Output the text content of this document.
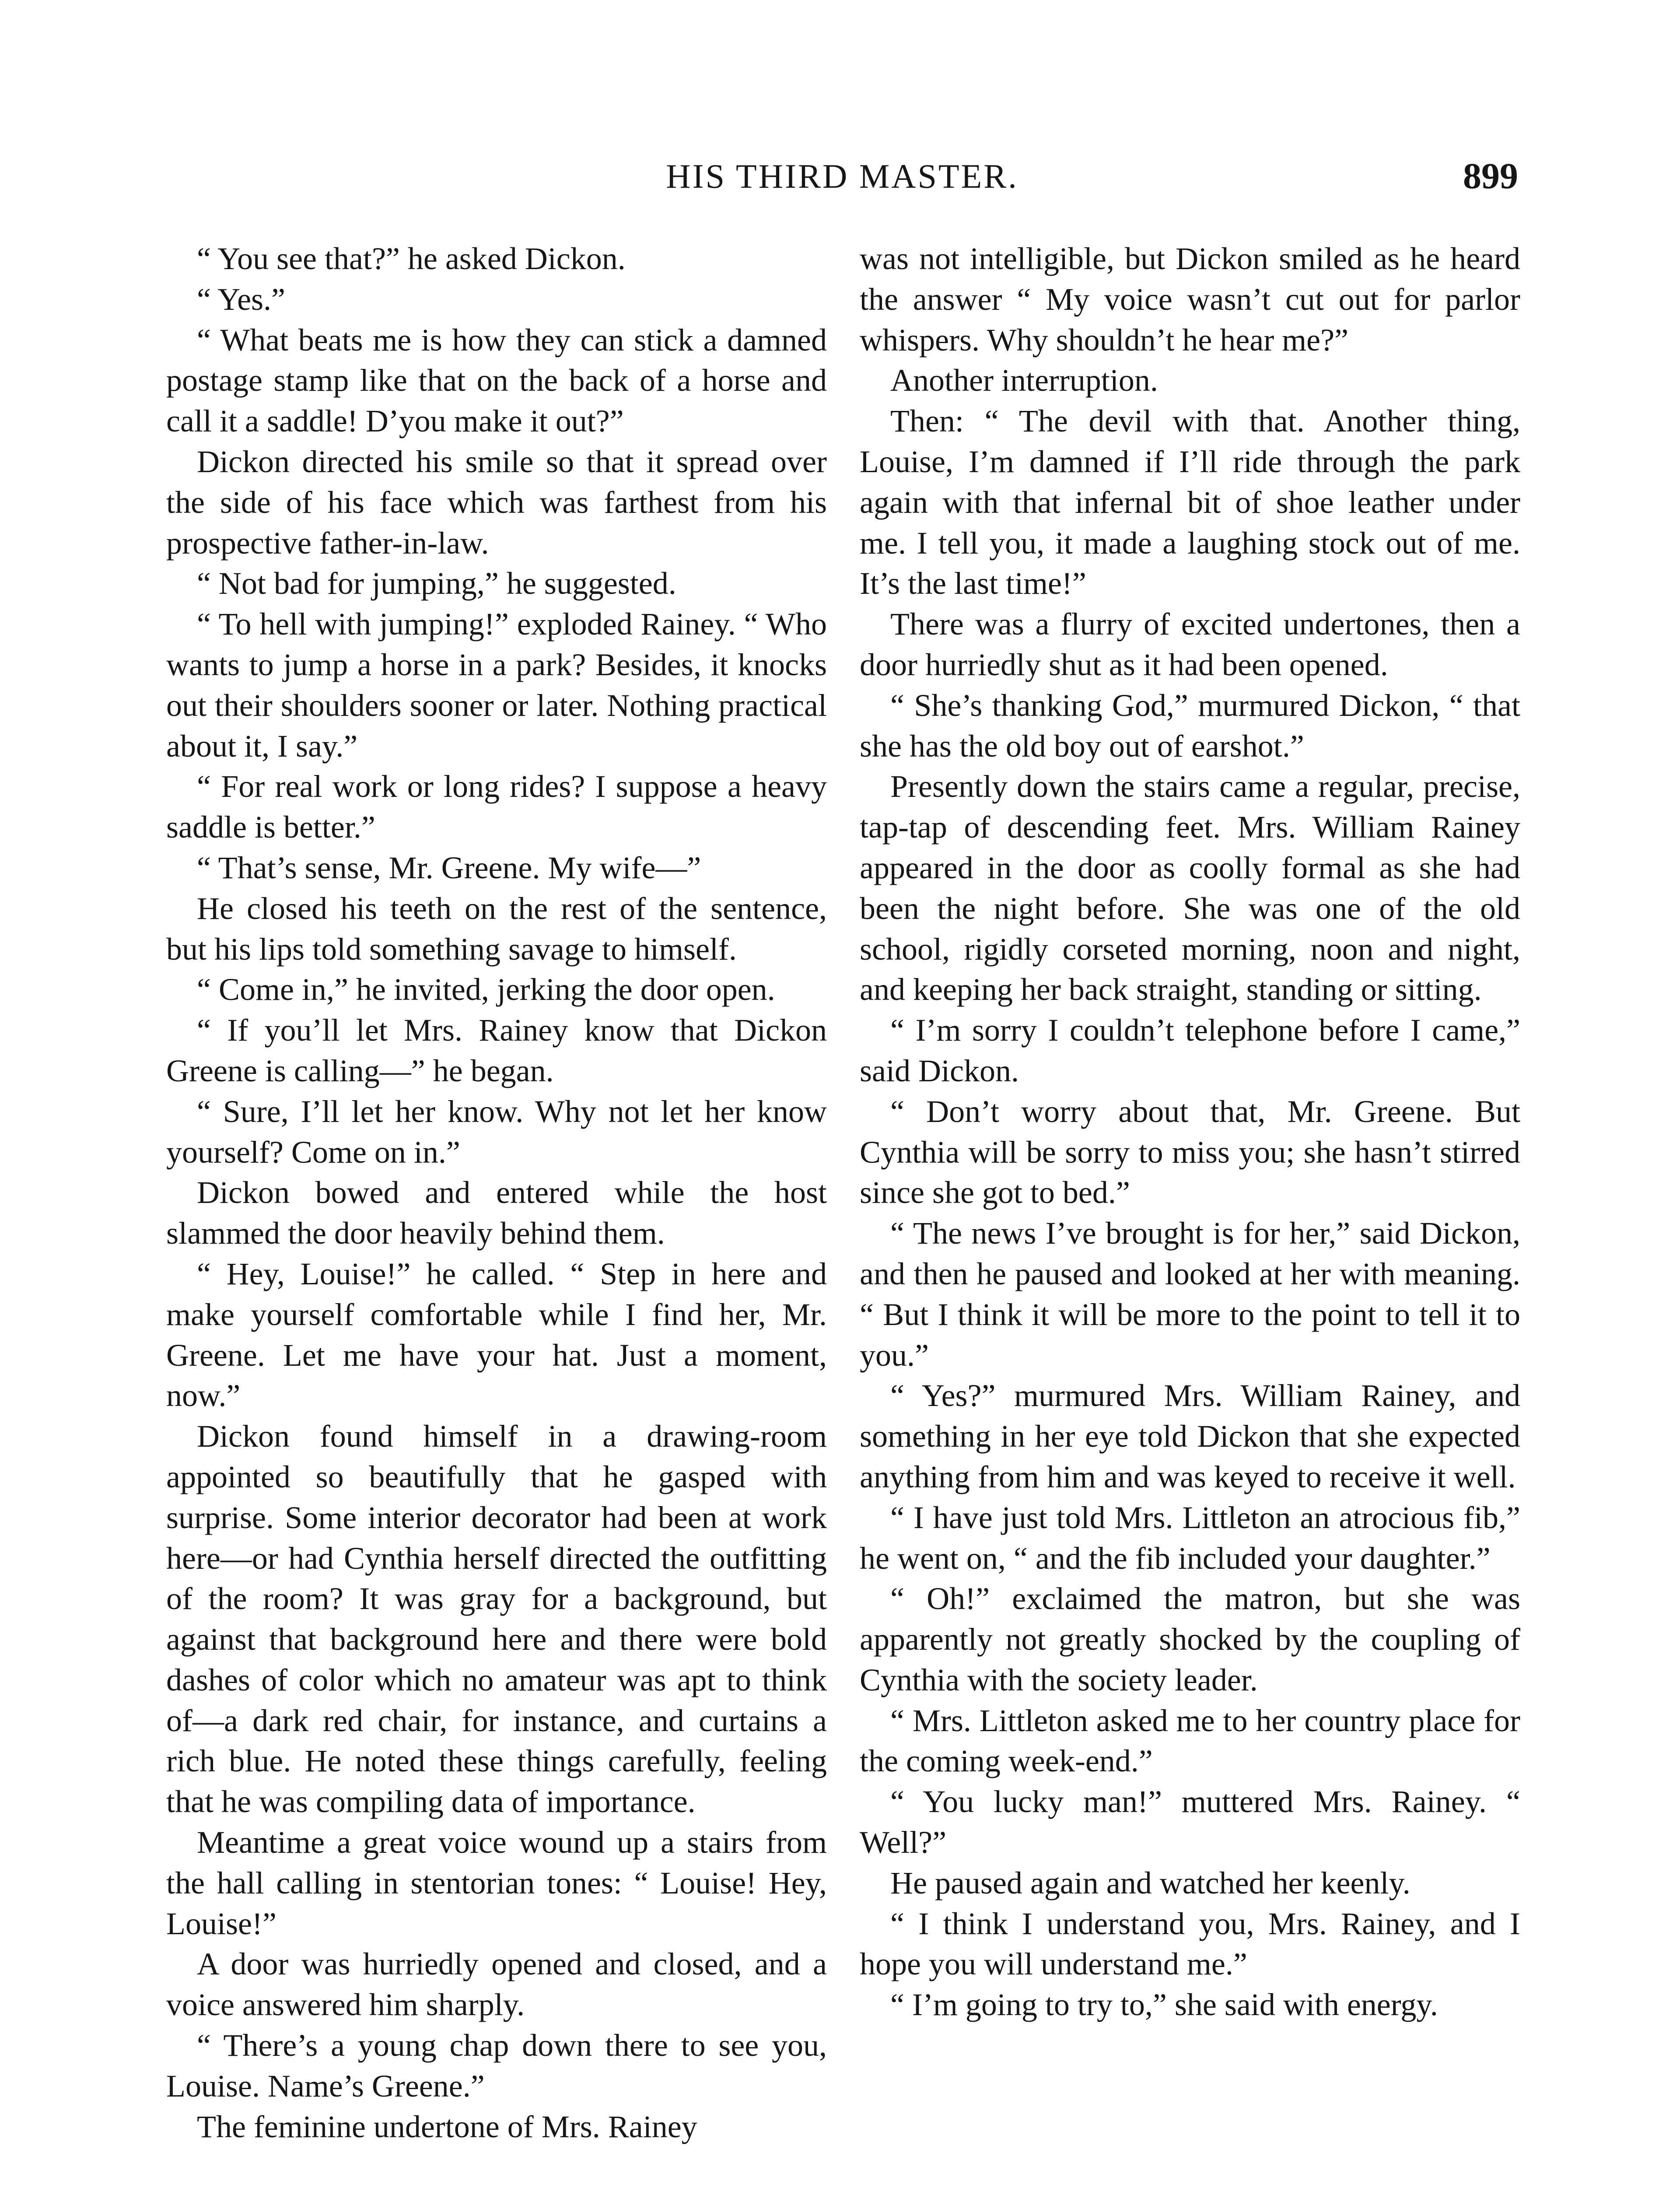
HIS THIRD MASTER.	899

“ You see that?” he asked Dickon.

“ Yes.”

“ What beats me is how they can stick a damned postage stamp like that on the back of a horse and call it a saddle! D’you make it out?”

Dickon directed his smile so that it spread over the side of his face which was farthest from his prospective father-in-law.

“ Not bad for jumping,” he suggested.

“ To hell with jumping!” exploded Rainey. “ Who wants to jump a horse in a park? Besides, it knocks out their shoulders sooner or later. Nothing practical about it, I say.”

“ For real work or long rides? I suppose a heavy saddle is better.”

“ That’s sense, Mr. Greene. My wife—”

He closed his teeth on the rest of the sentence, but his lips told something savage to himself.

“ Come in,” he invited, jerking the door open.

“ If you’ll let Mrs. Rainey know that Dickon Greene is calling—” he began.

“ Sure, I’ll let her know. Why not let her know yourself? Come on in.”

Dickon bowed and entered while the host slammed the door heavily behind them.

“ Hey, Louise!” he called. “ Step in here and make yourself comfortable while I find her, Mr. Greene. Let me have your hat. Just a moment, now.”

Dickon found himself in a drawing-room appointed so beautifully that he gasped with surprise. Some interior decorator had been at work here—or had Cynthia herself directed the outfitting of the room? It was gray for a background, but against that background here and there were bold dashes of color which no amateur was apt to think of—a dark red chair, for instance, and curtains a rich blue. He noted these things carefully, feeling that he was compiling data of importance.

Meantime a great voice wound up a stairs from the hall calling in stentorian tones: “ Louise! Hey, Louise!”

A door was hurriedly opened and closed, and a voice answered him sharply.

“ There’s a young chap down there to see you, Louise. Name’s Greene.”

The feminine undertone of Mrs. Rainey

was not intelligible, but Dickon smiled as he heard the answer “ My voice wasn’t cut out for parlor whispers. Why shouldn’t he hear me?”

Another interruption.

Then: “ The devil with that. Another thing, Louise, I’m damned if I’ll ride through the park again with that infernal bit of shoe leather under me. I tell you, it made a laughing stock out of me. It’s the last time!”

There was a flurry of excited undertones, then a door hurriedly shut as it had been opened.

“ She’s thanking God,” murmured Dickon, “ that she has the old boy out of earshot.”

Presently down the stairs came a regular, precise, tap-tap of descending feet. Mrs. William Rainey appeared in the door as coolly formal as she had been the night before. She was one of the old school, rigidly corseted morning, noon and night, and keeping her back straight, standing or sitting.

“ I’m sorry I couldn’t telephone before I came,” said Dickon.

“ Don’t worry about that, Mr. Greene. But Cynthia will be sorry to miss you; she hasn’t stirred since she got to bed.”

“ The news I’ve brought is for her,” said Dickon, and then he paused and looked at her with meaning. “ But I think it will be more to the point to tell it to you.”

“ Yes?” murmured Mrs. William Rainey, and something in her eye told Dickon that she expected anything from him and was keyed to receive it well.

“ I have just told Mrs. Littleton an atrocious fib,” he went on, “ and the fib included your daughter.”

“ Oh!” exclaimed the matron, but she was apparently not greatly shocked by the coupling of Cynthia with the society leader.

“ Mrs. Littleton asked me to her country place for the coming week-end.”

“ You lucky man!” muttered Mrs. Rainey. “ Well?”

He paused again and watched her keenly.

“ I think I understand you, Mrs. Rainey, and I hope you will understand me.”

“ I’m going to try to,” she said with energy.
